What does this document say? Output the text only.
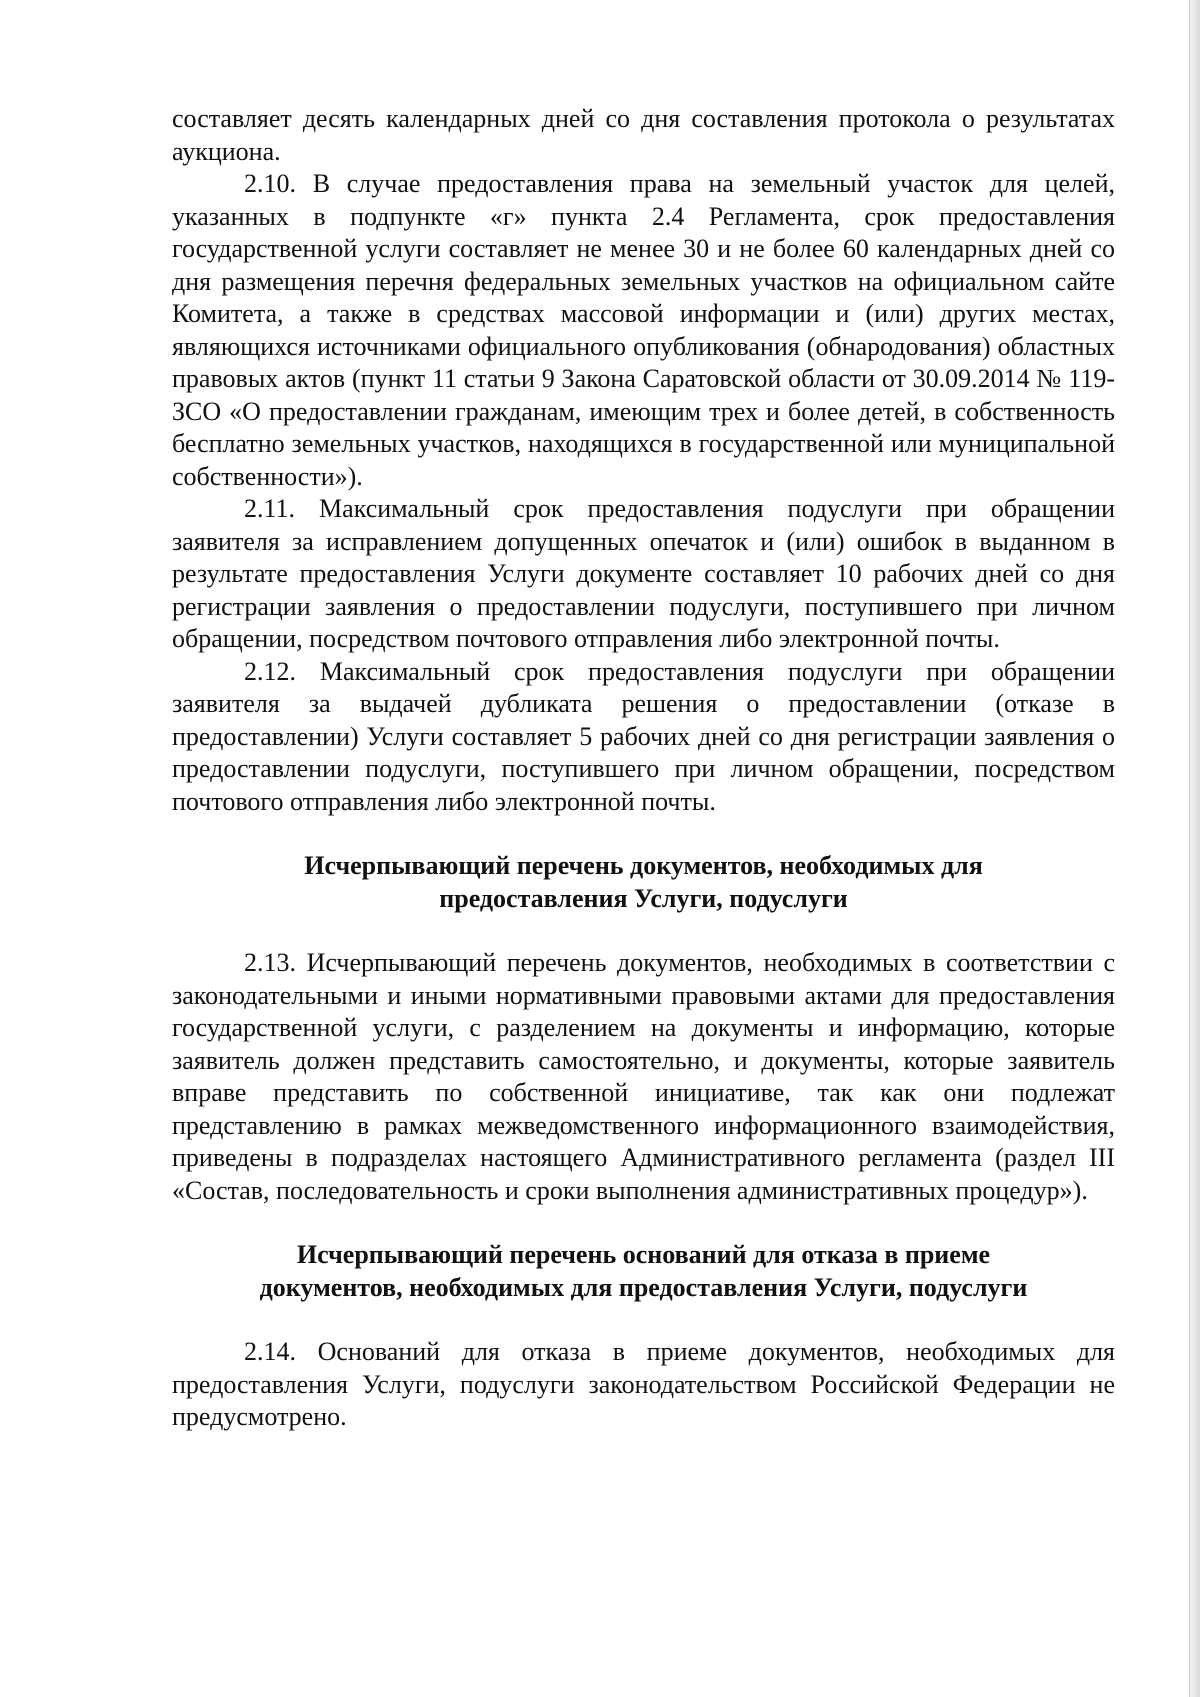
составляет десять календарных дней со дня составления протокола о результатах аукциона.

2.10. В случае предоставления права на земельный участок для целей, указанных в подпункте «г» пункта 2.4 Регламента, срок предоставления государственной услуги составляет не менее 30 и не более 60 календарных дней со дня размещения перечня федеральных земельных участков на официальном сайте Комитета, а также в средствах массовой информации и (или) других местах, являющихся источниками официального опубликования (обнародования) областных правовых актов (пункт 11 статьи 9 Закона Саратовской области от 30.09.2014 № 119-ЗСО «О предоставлении гражданам, имеющим трех и более детей, в собственность бесплатно земельных участков, находящихся в государственной или муниципальной собственности»).

2.11. Максимальный срок предоставления подуслуги при обращении заявителя за исправлением допущенных опечаток и (или) ошибок в выданном в результате предоставления Услуги документе составляет 10 рабочих дней со дня регистрации заявления о предоставлении подуслуги, поступившего при личном обращении, посредством почтового отправления либо электронной почты.

2.12. Максимальный срок предоставления подуслуги при обращении заявителя за выдачей дубликата решения о предоставлении (отказе в предоставлении) Услуги составляет 5 рабочих дней со дня регистрации заявления о предоставлении подуслуги, поступившего при личном обращении, посредством почтового отправления либо электронной почты.

Исчерпывающий перечень документов, необходимых для
предоставления Услуги, подуслуги

2.13. Исчерпывающий перечень документов, необходимых в соответствии с законодательными и иными нормативными правовыми актами для предоставления государственной услуги, с разделением на документы и информацию, которые заявитель должен представить самостоятельно, и документы, которые заявитель вправе представить по собственной инициативе, так как они подлежат представлению в рамках межведомственного информационного взаимодействия, приведены в подразделах настоящего Административного регламента (раздел III «Состав, последовательность и сроки выполнения административных процедур»).

Исчерпывающий перечень оснований для отказа в приеме
документов, необходимых для предоставления Услуги, подуслуги

2.14. Оснований для отказа в приеме документов, необходимых для предоставления Услуги, подуслуги законодательством Российской Федерации не предусмотрено.
